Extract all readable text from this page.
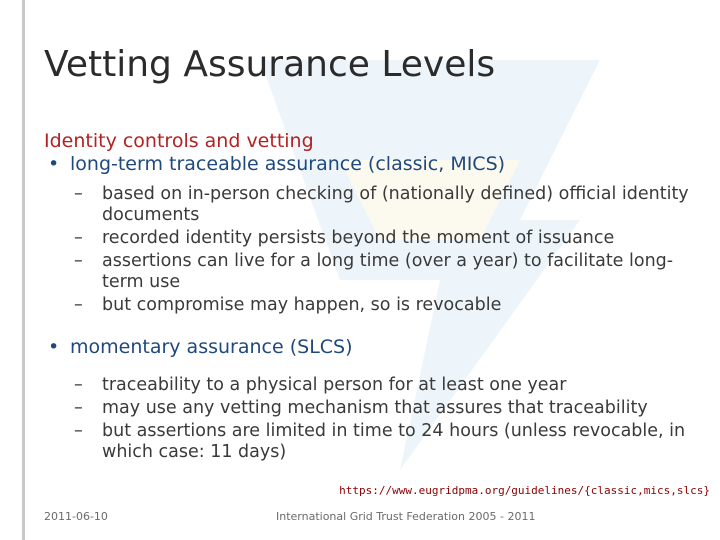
Vetting Assurance Levels
Identity controls and vetting
• long-term traceable assurance (classic, MICS)
– based on in-person checking of (nationally defined) official identity documents
– recorded identity persists beyond the moment of issuance
– assertions can live for a long time (over a year) to facilitate long-term use
– but compromise may happen, so is revocable
• momentary assurance (SLCS)
– traceability to a physical person for at least one year
– may use any vetting mechanism that assures that traceability
– but assertions are limited in time to 24 hours (unless revocable, in which case: 11 days)
https://www.eugridpma.org/guidelines/{classic,mics,slcs}
2011-06-10	International Grid Trust Federation 2005 - 2011
